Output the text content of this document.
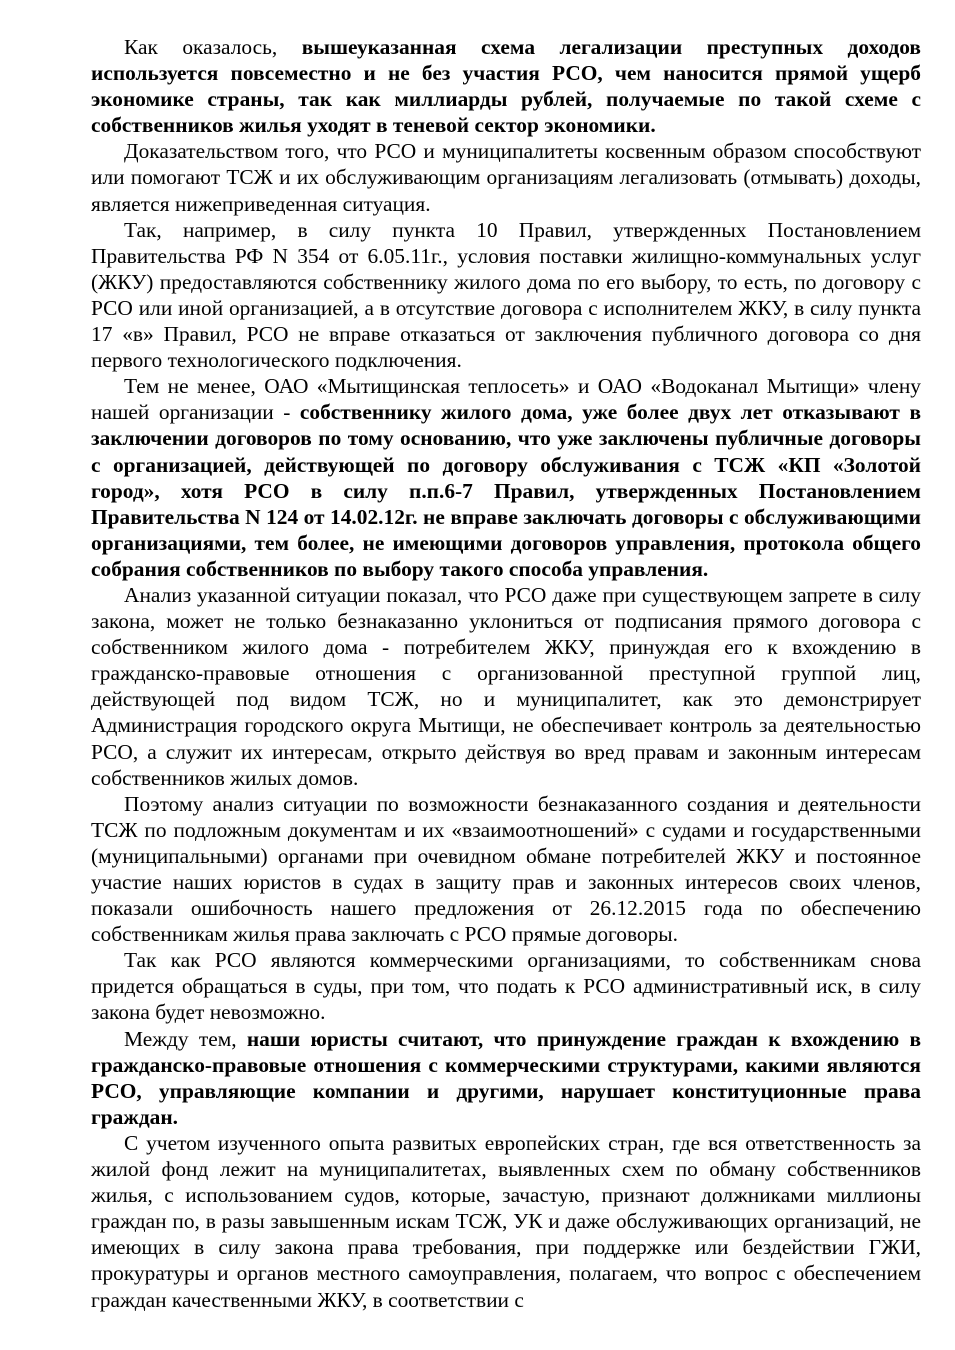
Как оказалось, вышеуказанная схема легализации преступных доходов используется повсеместно и не без участия РСО, чем наносится прямой ущерб экономике страны, так как миллиарды рублей, получаемые по такой схеме с собственников жилья уходят в теневой сектор экономики.

Доказательством того, что РСО и муниципалитеты косвенным образом способствуют или помогают ТСЖ и их обслуживающим организациям легализовать (отмывать) доходы, является нижеприведенная ситуация.

Так, например, в силу пункта 10 Правил, утвержденных Постановлением Правительства РФ N 354 от 6.05.11г., условия поставки жилищно-коммунальных услуг (ЖКУ) предоставляются собственнику жилого дома по его выбору, то есть, по договору с РСО или иной организацией, а в отсутствие договора с исполнителем ЖКУ, в силу пункта 17 «в» Правил, РСО не вправе отказаться от заключения публичного договора со дня первого технологического подключения.

Тем не менее, ОАО «Мытищинская теплосеть» и ОАО «Водоканал Мытищи» члену нашей организации - собственнику жилого дома, уже более двух лет отказывают в заключении договоров по тому основанию, что уже заключены публичные договоры с организацией, действующей по договору обслуживания с ТСЖ «КП «Золотой город», хотя РСО в силу п.п.6-7 Правил, утвержденных Постановлением Правительства N 124 от 14.02.12г. не вправе заключать договоры с обслуживающими организациями, тем более, не имеющими договоров управления, протокола общего собрания собственников по выбору такого способа управления.

Анализ указанной ситуации показал, что РСО даже при существующем запрете в силу закона, может не только безнаказанно уклониться от подписания прямого договора с собственником жилого дома - потребителем ЖКУ, принуждая его к вхождению в гражданско-правовые отношения с организованной преступной группой лиц, действующей под видом ТСЖ, но и муниципалитет, как это демонстрирует Администрация городского округа Мытищи, не обеспечивает контроль за деятельностью РСО, а служит их интересам, открыто действуя во вред правам и законным интересам собственников жилых домов.

Поэтому анализ ситуации по возможности безнаказанного создания и деятельности ТСЖ по подложным документам и их «взаимоотношений» с судами и государственными (муниципальными) органами при очевидном обмане потребителей ЖКУ и постоянное участие наших юристов в судах в защиту прав и законных интересов своих членов, показали ошибочность нашего предложения от 26.12.2015 года по обеспечению собственникам жилья права заключать с РСО прямые договоры.

Так как РСО являются коммерческими организациями, то собственникам снова придется обращаться в суды, при том, что подать к РСО административный иск, в силу закона будет невозможно.

Между тем, наши юристы считают, что принуждение граждан к вхождению в гражданско-правовые отношения с коммерческими структурами, какими являются РСО, управляющие компании и другими, нарушает конституционные права граждан.

С учетом изученного опыта развитых европейских стран, где вся ответственность за жилой фонд лежит на муниципалитетах, выявленных схем по обману собственников жилья, с использованием судов, которые, зачастую, признают должниками миллионы граждан по, в разы завышенным искам ТСЖ, УК и даже обслуживающих организаций, не имеющих в силу закона права требования, при поддержке или бездействии ГЖИ, прокуратуры и органов местного самоуправления, полагаем, что вопрос с обеспечением граждан качественными ЖКУ, в соответствии с
